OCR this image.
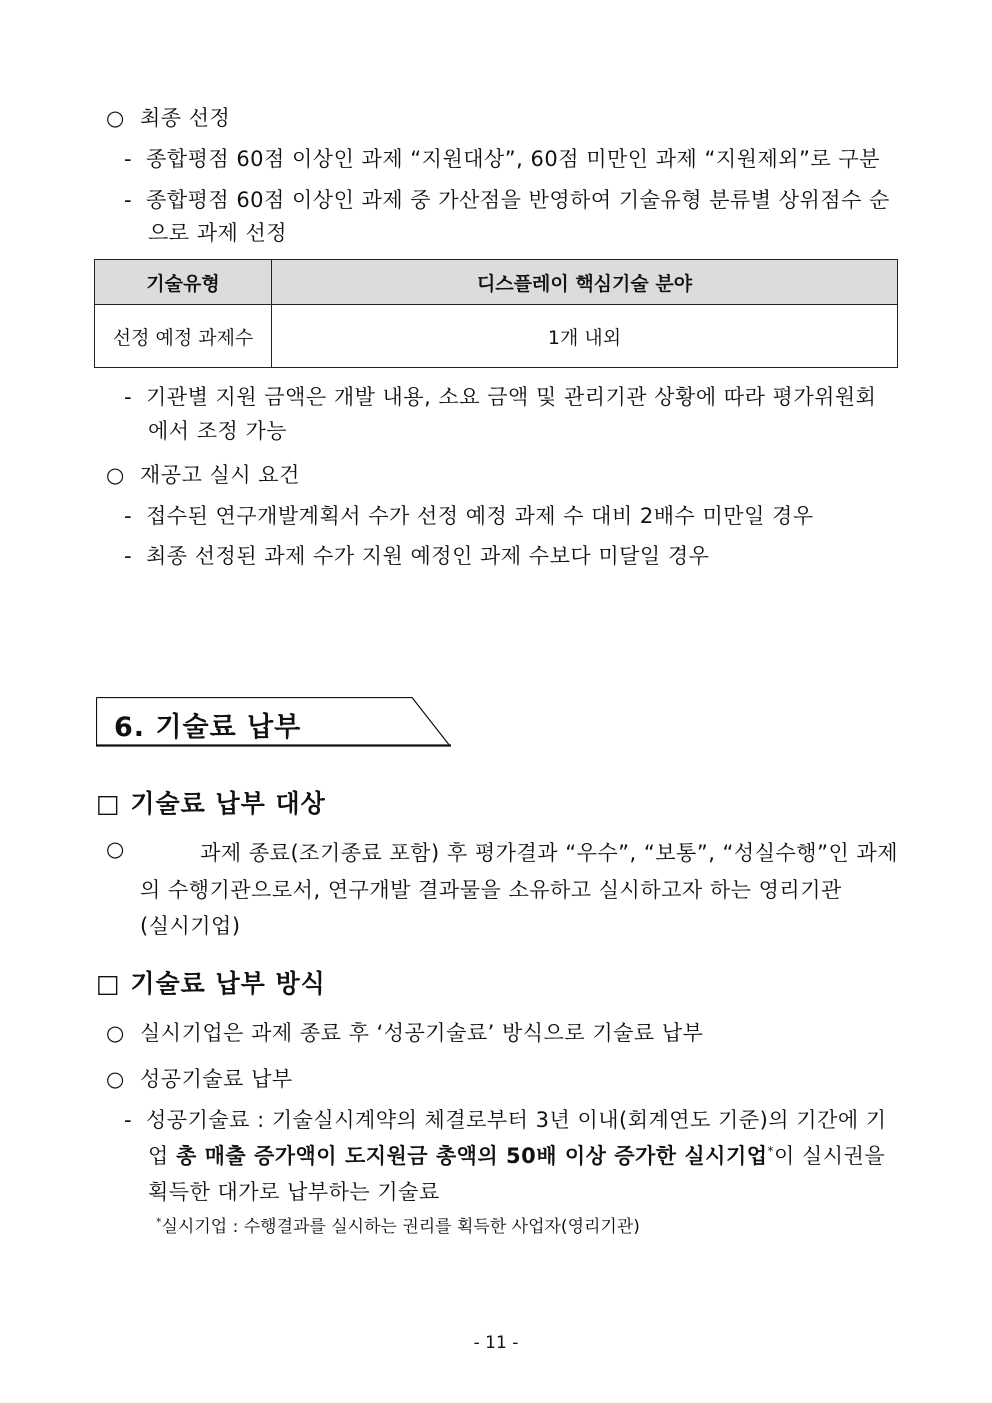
○ 최종 선정
- 종합평점 60점 이상인 과제 “지원대상”, 60점 미만인 과제 “지원제외”로 구분
- 종합평점 60점 이상인 과제 중 가산점을 반영하여 기술유형 분류별 상위점수 순
으로 과제 선정
기술유형	디스플레이 핵심기술 분야
선정 예정 과제수	1개 내외
- 기관별 지원 금액은 개발 내용, 소요 금액 및 관리기관 상황에 따라 평가위원회
에서 조정 가능
○ 재공고 실시 요건
- 접수된 연구개발계획서 수가 선정 예정 과제 수 대비 2배수 미만일 경우
- 최종 선정된 과제 수가 지원 예정인 과제 수보다 미달일 경우
6. 기술료 납부
□ 기술료 납부 대상
○	과제 종료(조기종료 포함) 후 평가결과 “우수”, “보통”, “성실수행”인 과제
의 수행기관으로서, 연구개발 결과물을 소유하고 실시하고자 하는 영리기관
(실시기업)
□ 기술료 납부 방식
○ 실시기업은 과제 종료 후 ‘성공기술료’ 방식으로 기술료 납부
○ 성공기술료 납부
- 성공기술료 : 기술실시계약의 체결로부터 3년 이내(회계연도 기준)의 기간에 기
업 총 매출 증가액이 도지원금 총액의 50배 이상 증가한 실시기업*이 실시권을
획득한 대가로 납부하는 기술료
*실시기업 : 수행결과를 실시하는 권리를 획득한 사업자(영리기관)
- 11 -
